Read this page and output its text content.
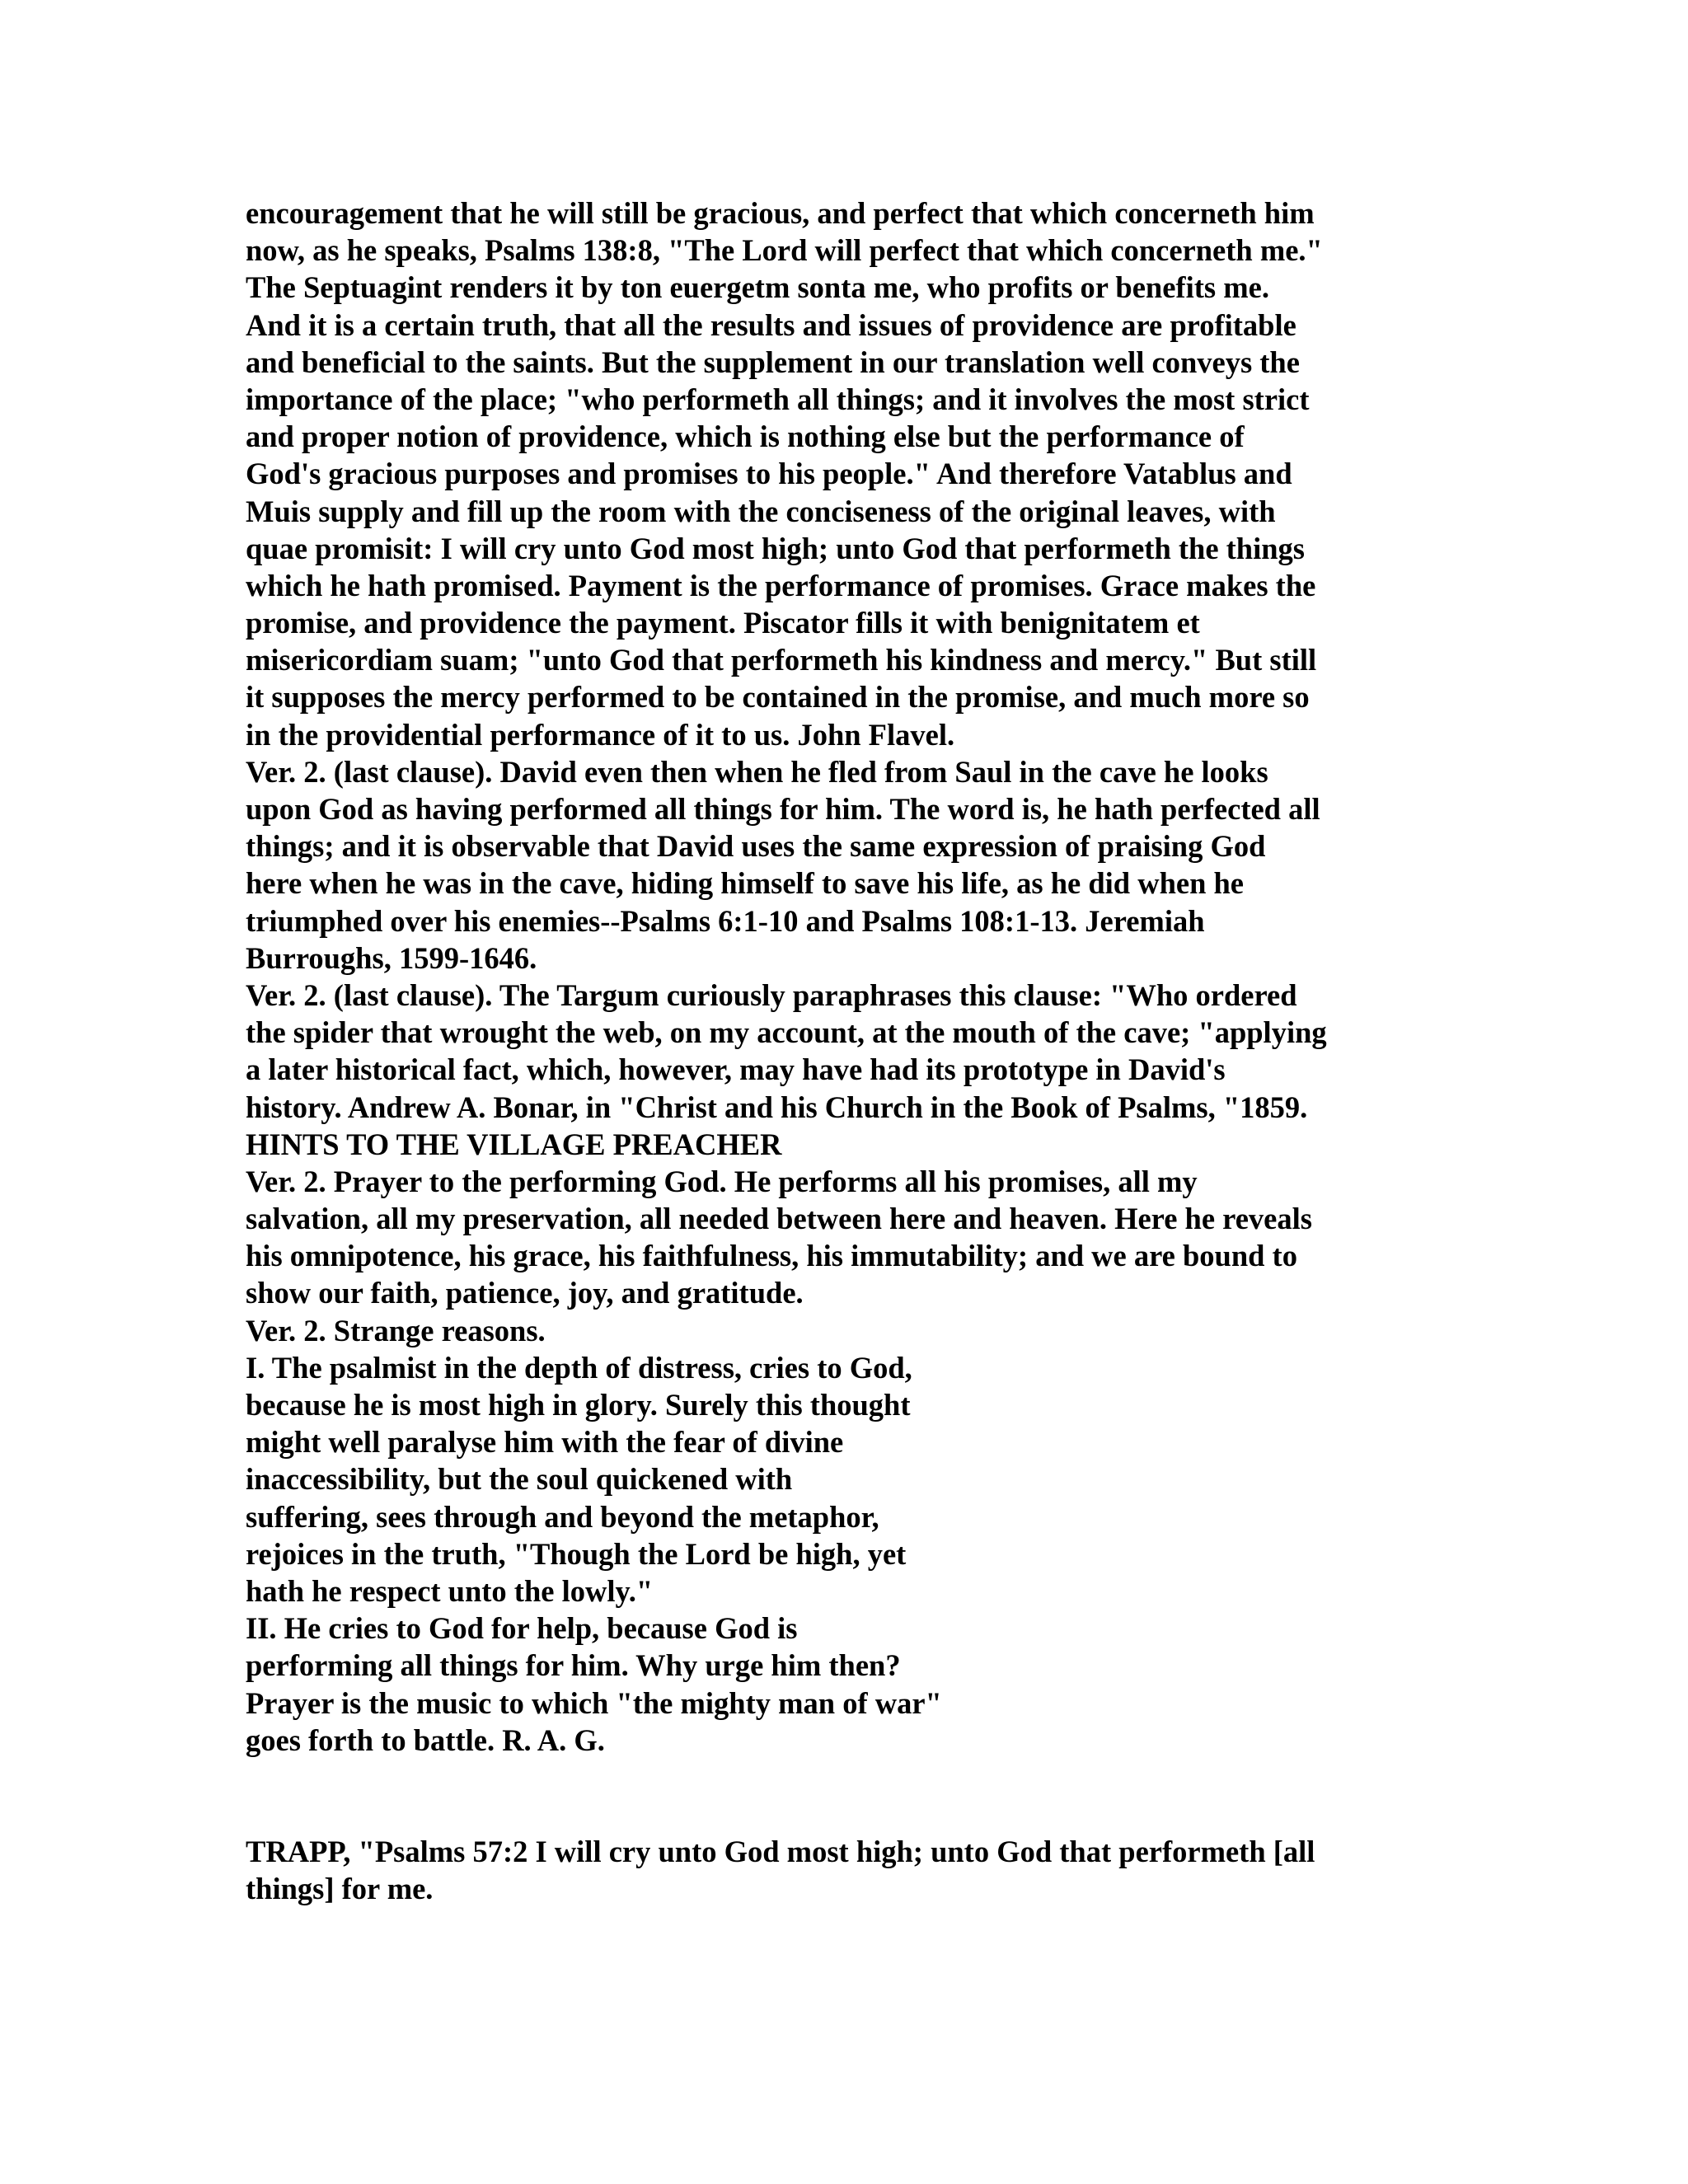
encouragement that he will still be gracious, and perfect that which concerneth him
now, as he speaks, Psalms 138:8, "The Lord will perfect that which concerneth me."
The Septuagint renders it by ton euergetm sonta me, who profits or benefits me.
And it is a certain truth, that all the results and issues of providence are profitable
and beneficial to the saints. But the supplement in our translation well conveys the
importance of the place; "who performeth all things; and it involves the most strict
and proper notion of providence, which is nothing else but the performance of
God's gracious purposes and promises to his people." And therefore Vatablus and
Muis supply and fill up the room with the conciseness of the original leaves, with
quae promisit: I will cry unto God most high; unto God that performeth the things
which he hath promised. Payment is the performance of promises. Grace makes the
promise, and providence the payment. Piscator fills it with benignitatem et
misericordiam suam; "unto God that performeth his kindness and mercy." But still
it supposes the mercy performed to be contained in the promise, and much more so
in the providential performance of it to us. John Flavel.
Ver. 2. (last clause). David even then when he fled from Saul in the cave he looks
upon God as having performed all things for him. The word is, he hath perfected all
things; and it is observable that David uses the same expression of praising God
here when he was in the cave, hiding himself to save his life, as he did when he
triumphed over his enemies--Psalms 6:1-10 and Psalms 108:1-13. Jeremiah
Burroughs, 1599-1646.
Ver. 2. (last clause). The Targum curiously paraphrases this clause: "Who ordered
the spider that wrought the web, on my account, at the mouth of the cave; "applying
a later historical fact, which, however, may have had its prototype in David's
history. Andrew A. Bonar, in "Christ and his Church in the Book of Psalms, "1859.
HINTS TO THE VILLAGE PREACHER
Ver. 2. Prayer to the performing God. He performs all his promises, all my
salvation, all my preservation, all needed between here and heaven. Here he reveals
his omnipotence, his grace, his faithfulness, his immutability; and we are bound to
show our faith, patience, joy, and gratitude.
Ver. 2. Strange reasons.
I. The psalmist in the depth of distress, cries to God,
because he is most high in glory. Surely this thought
might well paralyse him with the fear of divine
inaccessibility, but the soul quickened with
suffering, sees through and beyond the metaphor,
rejoices in the truth, "Though the Lord be high, yet
hath he respect unto the lowly."
II. He cries to God for help, because God is
performing all things for him. Why urge him then?
Prayer is the music to which "the mighty man of war"
goes forth to battle. R. A. G.
TRAPP, "Psalms 57:2 I will cry unto God most high; unto God that performeth [all
things] for me.
